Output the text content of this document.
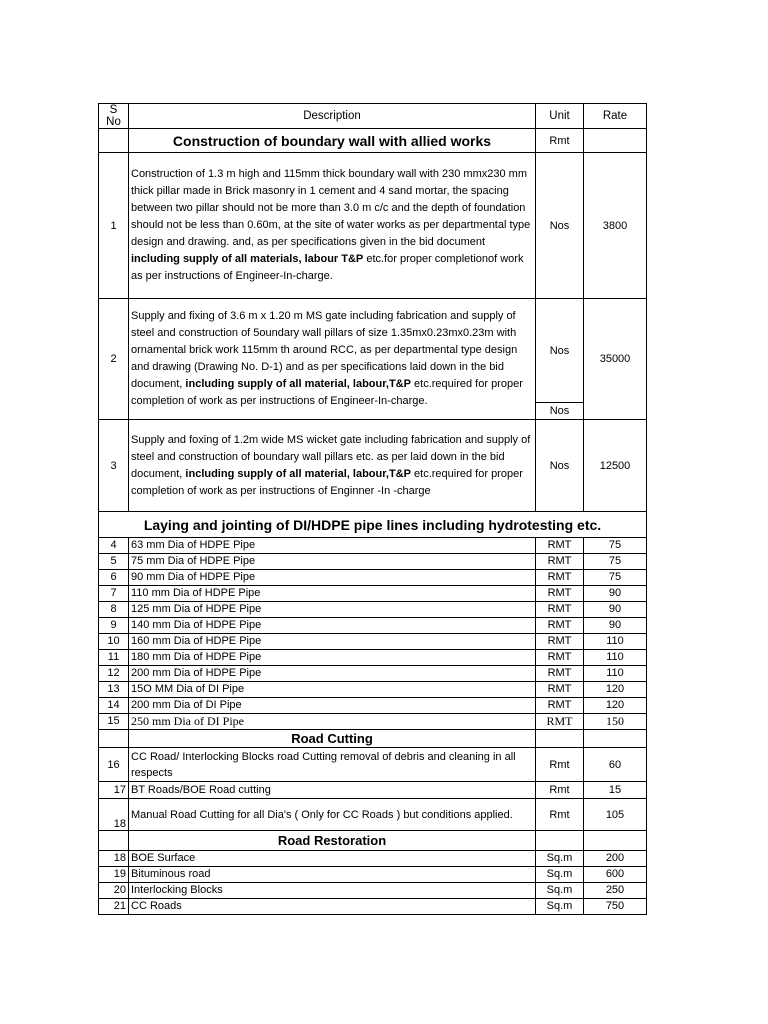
S No	Description	Unit	Rate
	Construction of boundary wall with allied works	Rmt	
1	Construction of 1.3 m high and 115mm thick boundary wall with 230 mmx230 mm thick pillar made in Brick masonry in 1 cement and 4 sand mortar, the spacing between two pillar should not be more than 3.0 m c/c and the depth of foundation should not be less than 0.60m, at the site of water works as per departmental type design and drawing. and, as per specifications given in the bid document including supply of all materials, labour T&P etc.for proper completionof work as per instructions of Engineer-In-charge.	Nos	3800
2	Supply and fixing of 3.6 m x 1.20 m MS gate including fabrication and supply of steel and construction of 5oundary wall pillars of size 1.35mx0.23mx0.23m with ornamental brick work 115mm th around RCC, as per departmental type design and drawing (Drawing No. D-1) and as per specifications laid down in the bid document, including supply of all material, labour,T&P etc.required for proper completion of work as per instructions of Engineer-In-charge.	Nos	35000
		Nos	
3	Supply and foxing of 1.2m wide MS wicket gate including fabrication and supply of steel and construction of boundary wall pillars etc. as per laid down in the bid document, including supply of all material, labour,T&P etc.required for proper completion of work as per instructions of Enginner -In -charge	Nos	12500
Laying and jointing of DI/HDPE pipe lines including hydrotesting etc.			
4	63 mm Dia of HDPE Pipe	RMT	75
5	75 mm Dia of HDPE Pipe	RMT	75
6	90 mm Dia of HDPE Pipe	RMT	75
7	110 mm Dia of HDPE Pipe	RMT	90
8	125 mm Dia of HDPE Pipe	RMT	90
9	140 mm Dia of HDPE Pipe	RMT	90
10	160 mm Dia of HDPE Pipe	RMT	110
11	180 mm Dia of HDPE Pipe	RMT	110
12	200 mm Dia of HDPE Pipe	RMT	110
13	15O MM Dia of DI Pipe	RMT	120
14	200 mm Dia of DI Pipe	RMT	120
15	250 mm Dia of DI Pipe	RMT	150
	Road Cutting		
16	CC Road/ Interlocking Blocks road Cutting removal of debris and cleaning in all respects	Rmt	60
17	BT Roads/BOE Road cutting	Rmt	15
18	Manual Road Cutting for all Dia's ( Only for CC Roads ) but conditions applied.	Rmt	105
	Road Restoration		
18	BOE Surface	Sq.m	200
19	Bituminous road	Sq.m	600
20	Interlocking Blocks	Sq.m	250
21	CC Roads	Sq.m	750
